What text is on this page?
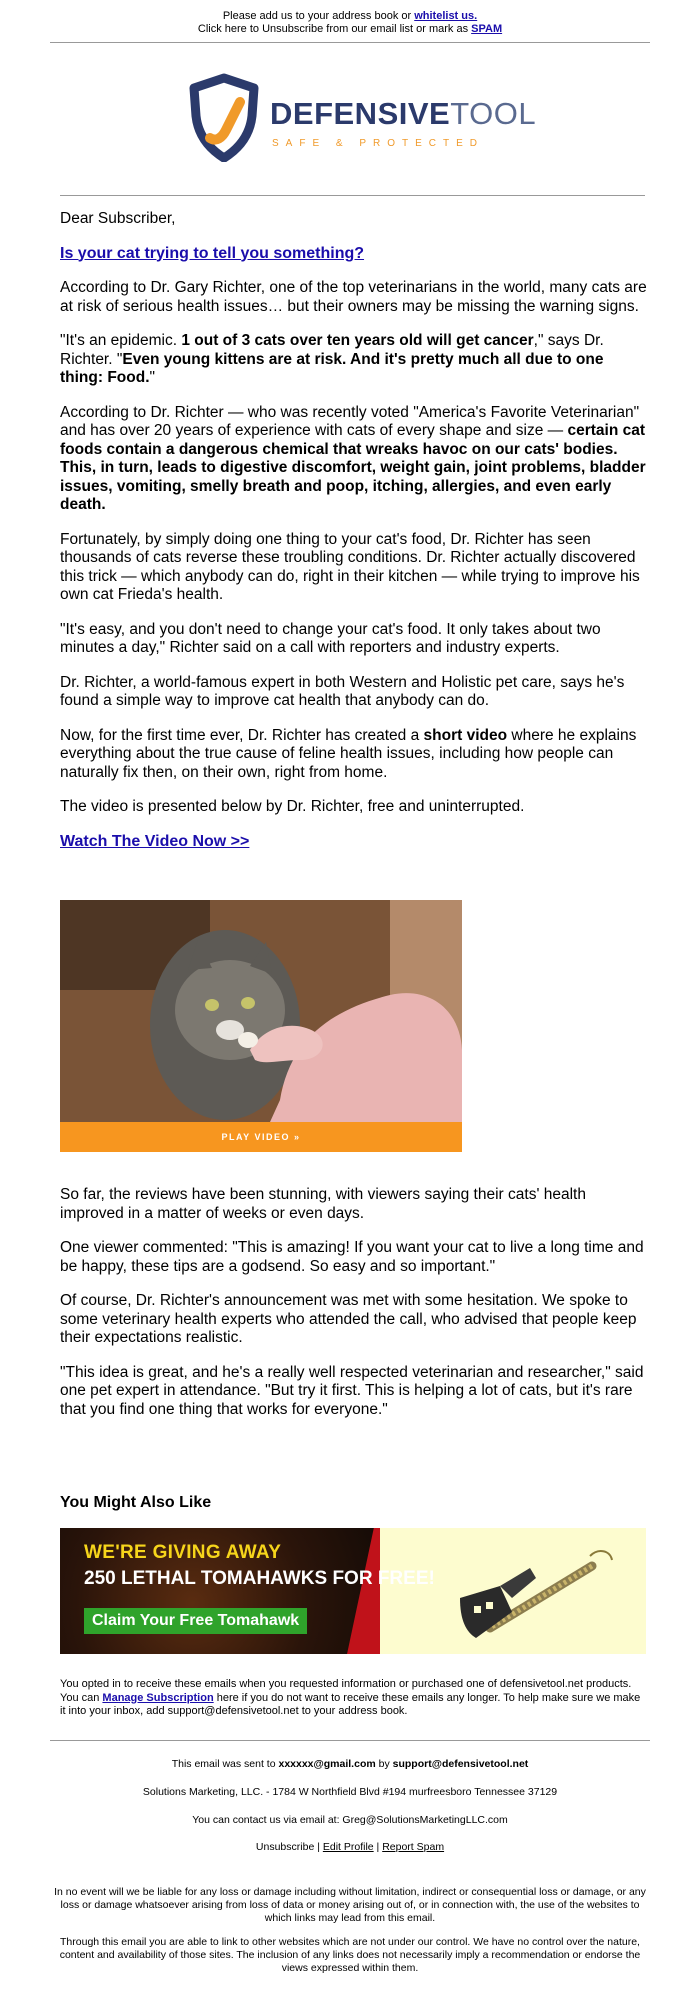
Please add us to your address book or whitelist us.
Click here to Unsubscribe from our email list or mark as SPAM
DEFENSIVETOOL
SAFE & PROTECTED

Dear Subscriber,

Is your cat trying to tell you something?

According to Dr. Gary Richter, one of the top veterinarians in the world, many cats are at risk of serious health issues… but their owners may be missing the warning signs.

"It's an epidemic. 1 out of 3 cats over ten years old will get cancer," says Dr. Richter. "Even young kittens are at risk. And it's pretty much all due to one thing: Food."

According to Dr. Richter — who was recently voted "America's Favorite Veterinarian" and has over 20 years of experience with cats of every shape and size — certain cat foods contain a dangerous chemical that wreaks havoc on our cats' bodies. This, in turn, leads to digestive discomfort, weight gain, joint problems, bladder issues, vomiting, smelly breath and poop, itching, allergies, and even early death.

Fortunately, by simply doing one thing to your cat's food, Dr. Richter has seen thousands of cats reverse these troubling conditions. Dr. Richter actually discovered this trick — which anybody can do, right in their kitchen — while trying to improve his own cat Frieda's health.

"It's easy, and you don't need to change your cat's food. It only takes about two minutes a day," Richter said on a call with reporters and industry experts.

Dr. Richter, a world-famous expert in both Western and Holistic pet care, says he's found a simple way to improve cat health that anybody can do.

Now, for the first time ever, Dr. Richter has created a short video where he explains everything about the true cause of feline health issues, including how people can naturally fix then, on their own, right from home.

The video is presented below by Dr. Richter, free and uninterrupted.

Watch The Video Now >>

PLAY VIDEO »

So far, the reviews have been stunning, with viewers saying their cats' health improved in a matter of weeks or even days.

One viewer commented: "This is amazing! If you want your cat to live a long time and be happy, these tips are a godsend. So easy and so important."

Of course, Dr. Richter's announcement was met with some hesitation. We spoke to some veterinary health experts who attended the call, who advised that people keep their expectations realistic.

"This idea is great, and he's a really well respected veterinarian and researcher," said one pet expert in attendance. "But try it first. This is helping a lot of cats, but it's rare that you find one thing that works for everyone."

You Might Also Like
WE'RE GIVING AWAY
250 LETHAL TOMAHAWKS FOR FREE!
Claim Your Free Tomahawk
You opted in to receive these emails when you requested information or purchased one of defensivetool.net products. You can Manage Subscription here if you do not want to receive these emails any longer. To help make sure we make it into your inbox, add support@defensivetool.net to your address book.
This email was sent to xxxxxx@gmail.com by support@defensivetool.net
Solutions Marketing, LLC. - 1784 W Northfield Blvd #194 murfreesboro Tennessee 37129
You can contact us via email at: Greg@SolutionsMarketingLLC.com
Unsubscribe | Edit Profile | Report Spam
In no event will we be liable for any loss or damage including without limitation, indirect or consequential loss or damage, or any loss or damage whatsoever arising from loss of data or money arising out of, or in connection with, the use of the websites to which links may lead from this email.
Through this email you are able to link to other websites which are not under our control. We have no control over the nature, content and availability of those sites. The inclusion of any links does not necessarily imply a recommendation or endorse the views expressed within them.
